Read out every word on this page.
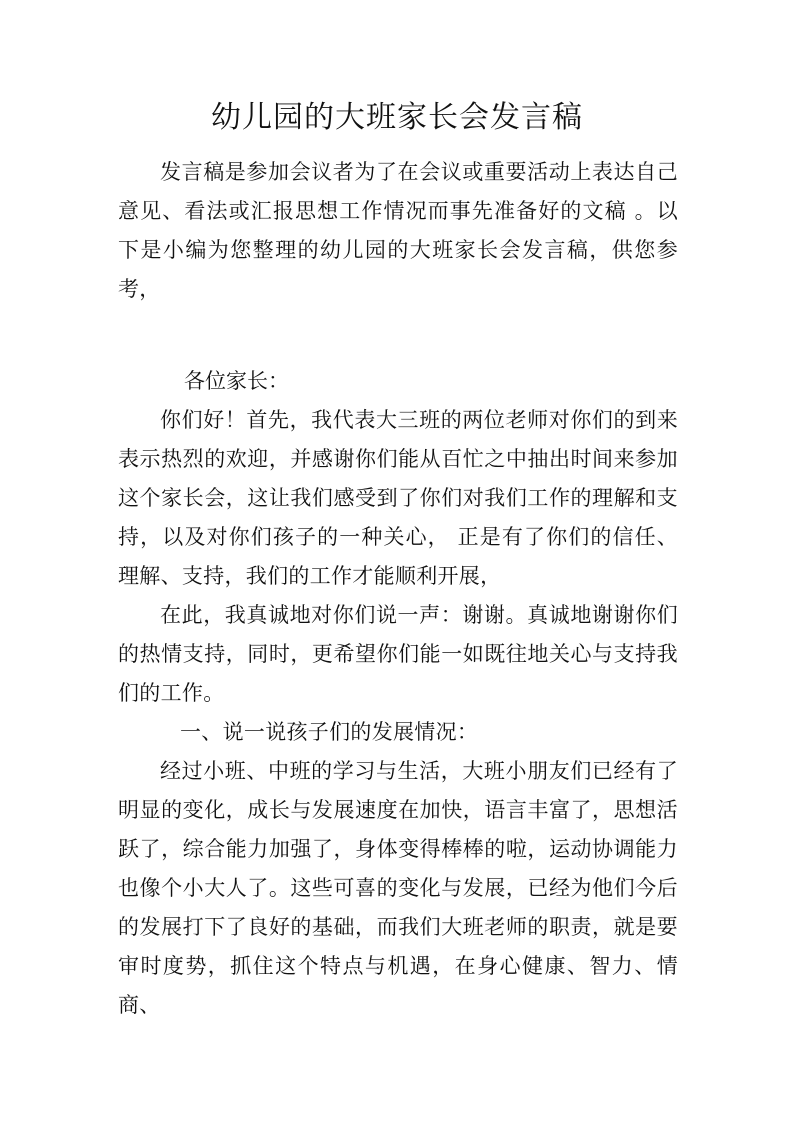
幼儿园的大班家长会发言稿

发言稿是参加会议者为了在会议或重要活动上表达自己意见、看法或汇报思想工作情况而事先准备好的文稿 。以下是小编为您整理的幼儿园的大班家长会发言稿，供您参考，

各位家长：

你们好！首先，我代表大三班的两位老师对你们的到来表示热烈的欢迎，并感谢你们能从百忙之中抽出时间来参加这个家长会，这让我们感受到了你们对我们工作的理解和支持，以及对你们孩子的一种关心， 正是有了你们的信任、理解、支持，我们的工作才能顺利开展，

在此，我真诚地对你们说一声：谢谢。真诚地谢谢你们的热情支持，同时，更希望你们能一如既往地关心与支持我们的工作。

一、说一说孩子们的发展情况：

经过小班、中班的学习与生活，大班小朋友们已经有了明显的变化，成长与发展速度在加快，语言丰富了，思想活跃了，综合能力加强了，身体变得棒棒的啦，运动协调能力也像个小大人了。这些可喜的变化与发展，已经为他们今后的发展打下了良好的基础，而我们大班老师的职责，就是要审时度势，抓住这个特点与机遇，在身心健康、智力、情商、
